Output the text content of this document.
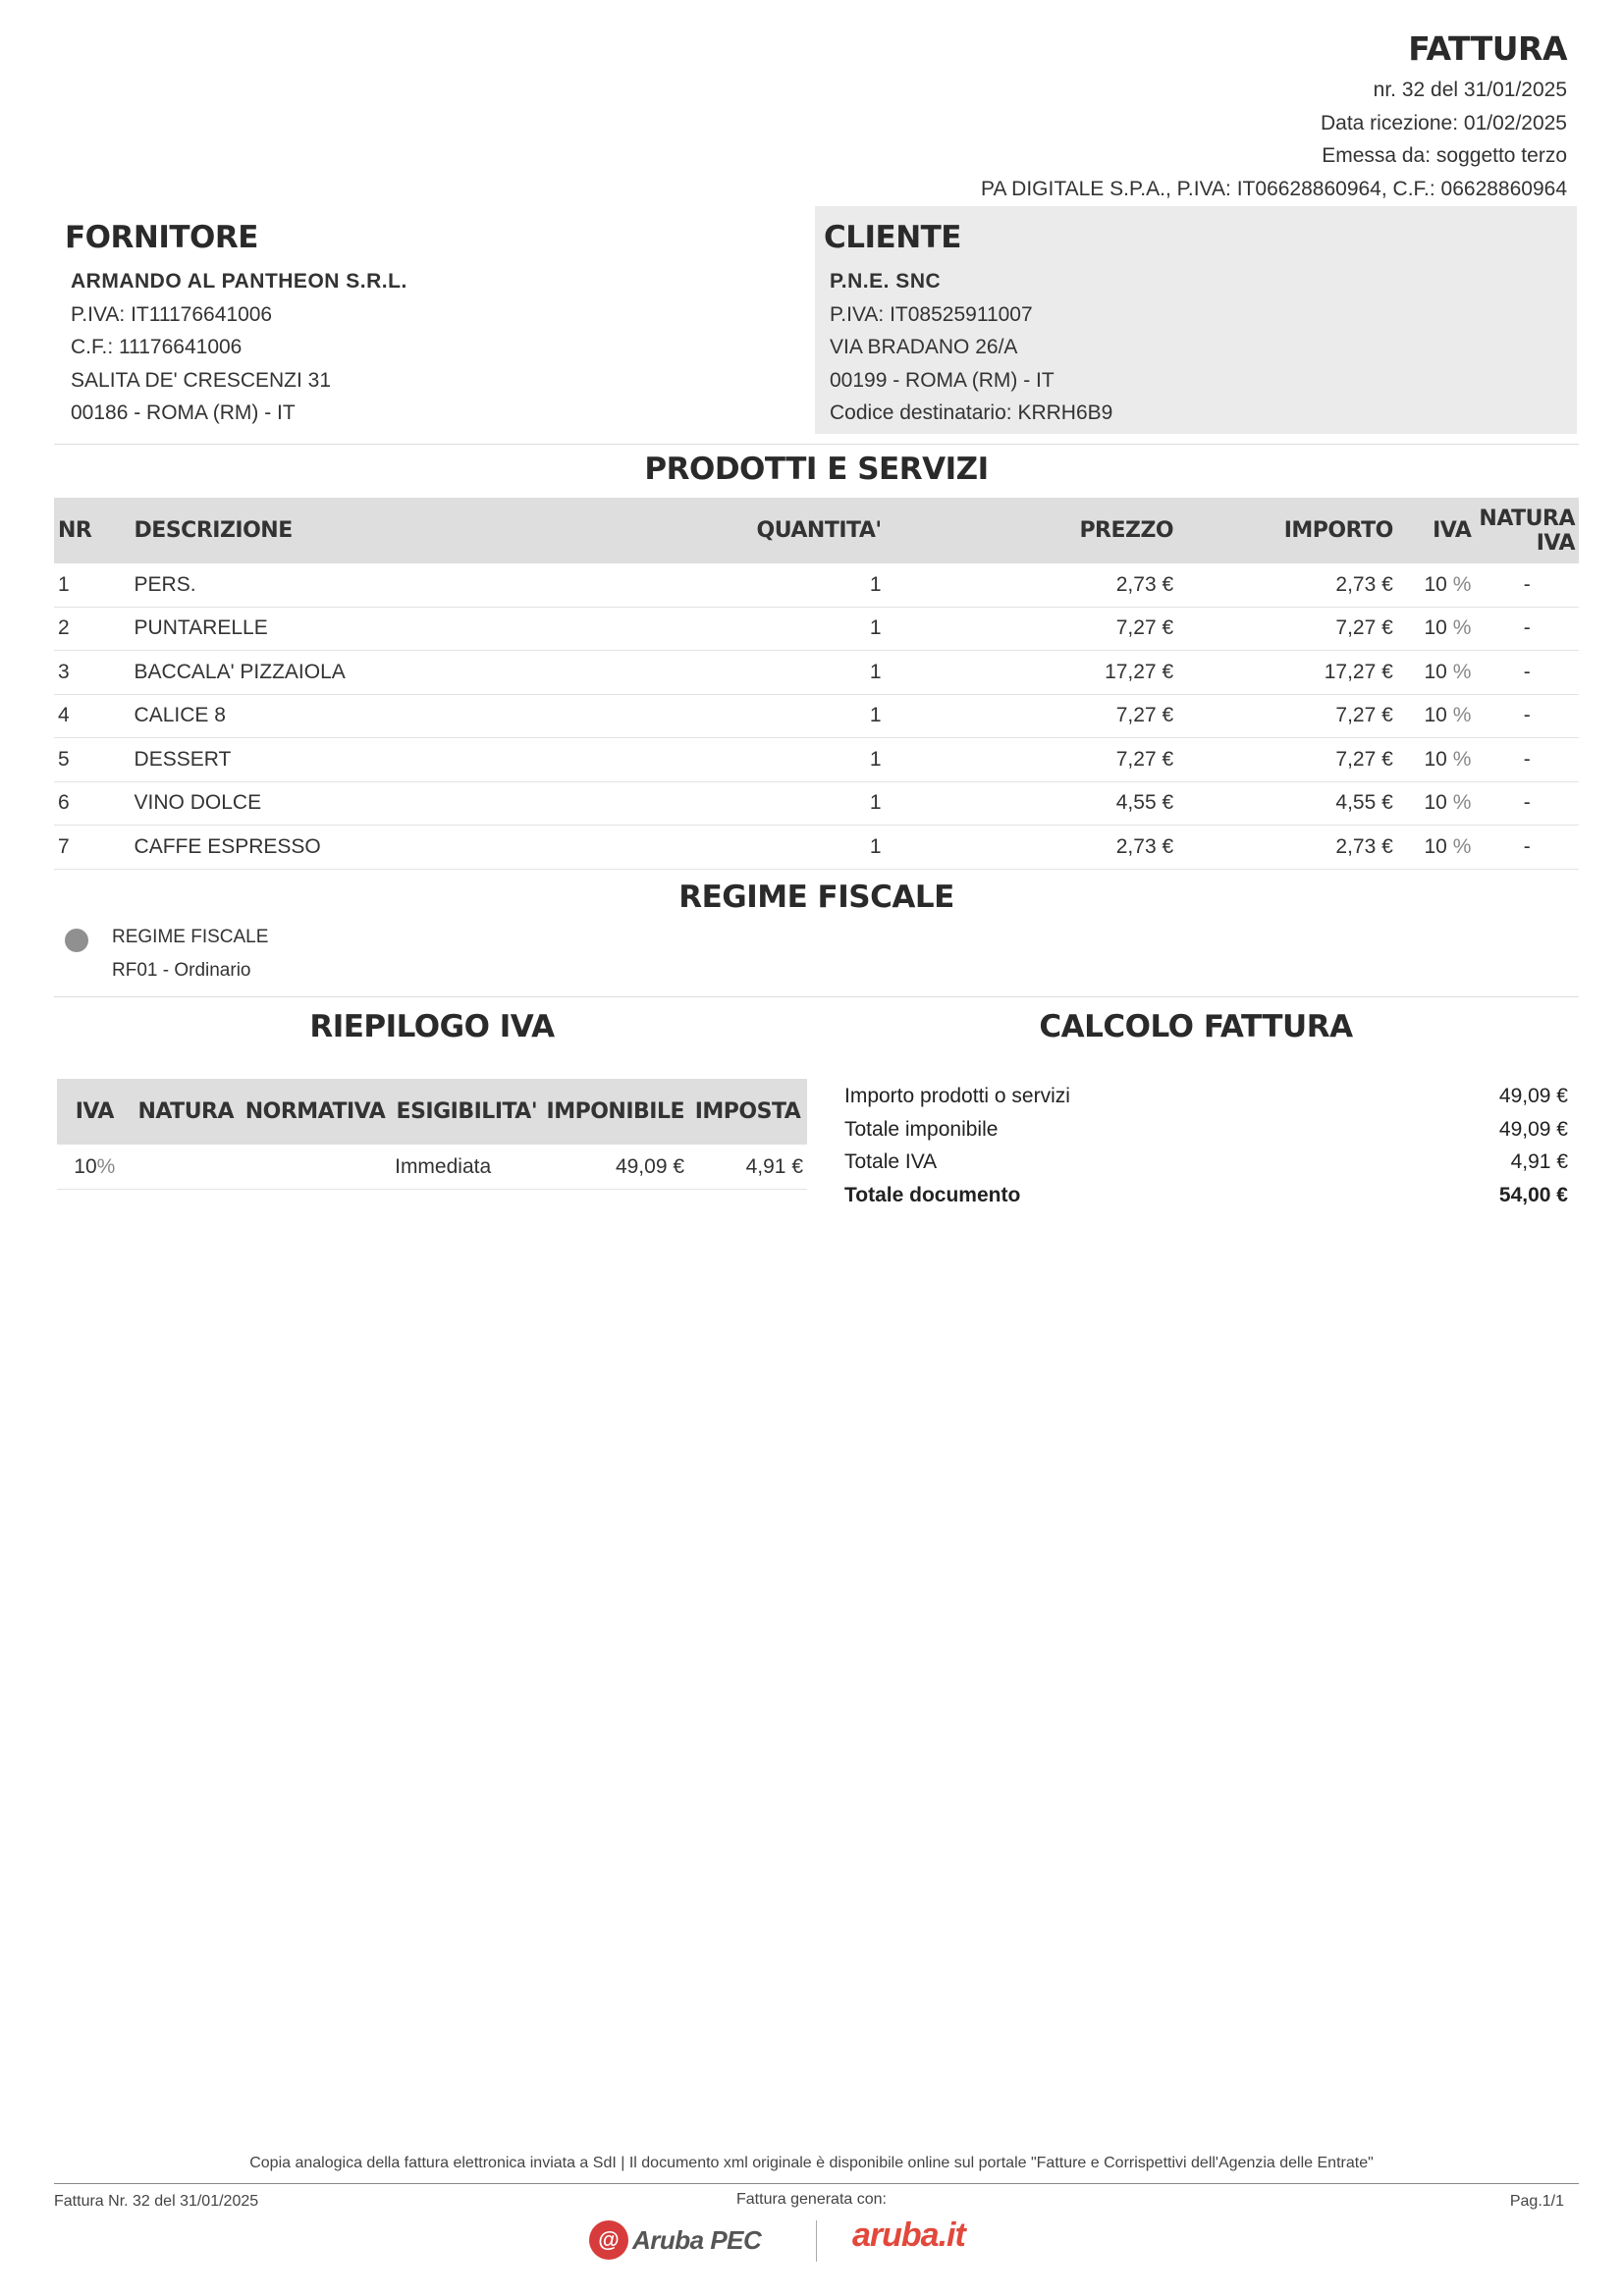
FATTURA
nr. 32 del 31/01/2025
Data ricezione: 01/02/2025
Emessa da: soggetto terzo
PA DIGITALE S.P.A., P.IVA: IT06628860964, C.F.: 06628860964
FORNITORE
ARMANDO AL PANTHEON S.R.L.
P.IVA: IT11176641006
C.F.: 11176641006
SALITA DE' CRESCENZI 31
00186 - ROMA (RM) - IT
CLIENTE
P.N.E. SNC
P.IVA: IT08525911007
VIA BRADANO 26/A
00199 - ROMA (RM) - IT
Codice destinatario: KRRH6B9
PRODOTTI E SERVIZI
NR	DESCRIZIONE	QUANTITA'	PREZZO	IMPORTO	IVA	NATURA IVA
1	PERS.	1	2,73 €	2,73 €	10 %	-
2	PUNTARELLE	1	7,27 €	7,27 €	10 %	-
3	BACCALA' PIZZAIOLA	1	17,27 €	17,27 €	10 %	-
4	CALICE 8	1	7,27 €	7,27 €	10 %	-
5	DESSERT	1	7,27 €	7,27 €	10 %	-
6	VINO DOLCE	1	4,55 €	4,55 €	10 %	-
7	CAFFE ESPRESSO	1	2,73 €	2,73 €	10 %	-
REGIME FISCALE
REGIME FISCALE
RF01 - Ordinario
RIEPILOGO IVA
IVA	NATURA	NORMATIVA	ESIGIBILITA'	IMPONIBILE	IMPOSTA
10%			Immediata	49,09 €	4,91 €
CALCOLO FATTURA
Importo prodotti o servizi	49,09 €
Totale imponibile	49,09 €
Totale IVA	4,91 €
Totale documento	54,00 €
Copia analogica della fattura elettronica inviata a SdI | Il documento xml originale è disponibile online sul portale "Fatture e Corrispettivi dell'Agenzia delle Entrate"
Fattura Nr. 32 del 31/01/2025	Fattura generata con:	Pag.1/1
@ Aruba PEC	aruba.it
